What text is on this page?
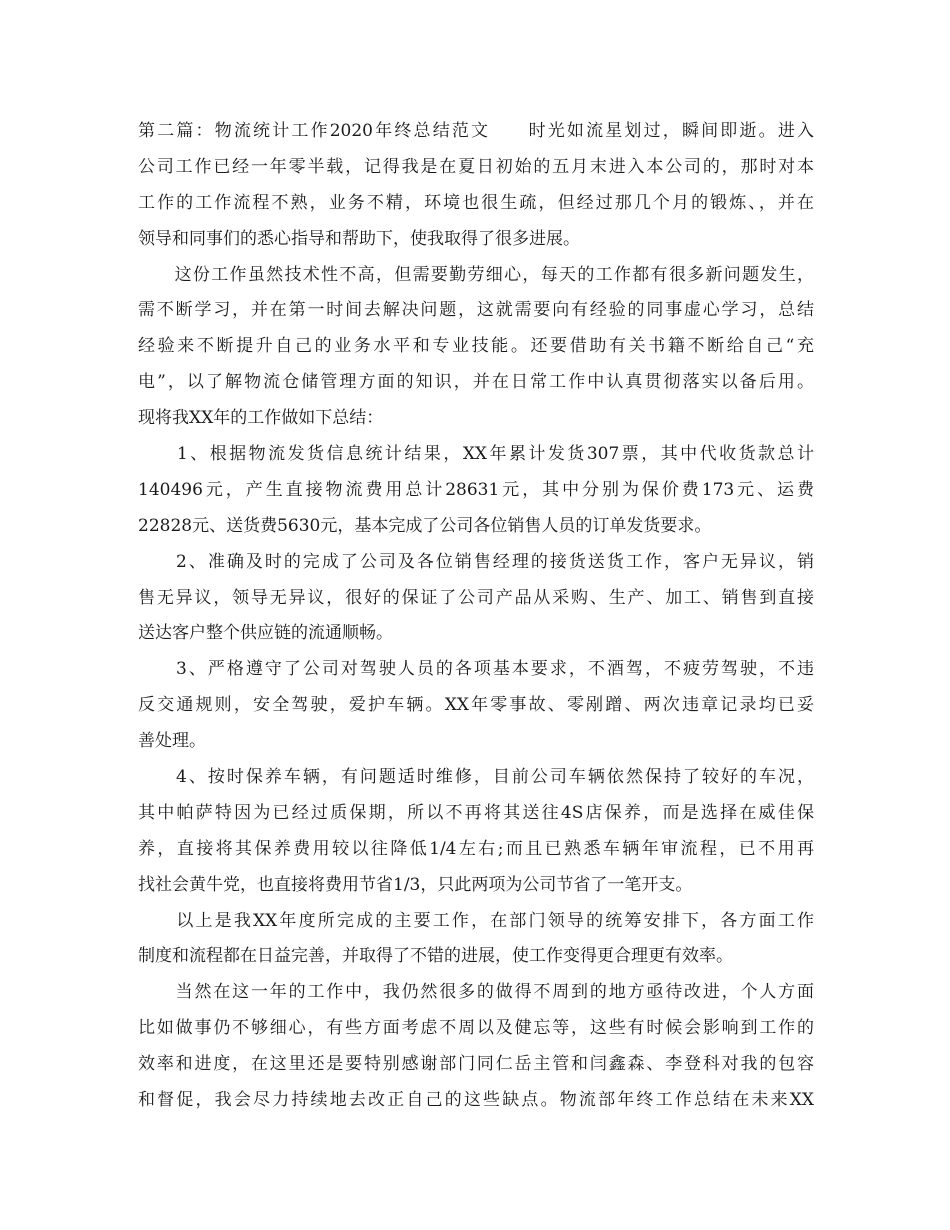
第二篇：物流统计工作2020年终总结范文　　时光如流星划过，瞬间即逝。进入
公司工作已经一年零半载，记得我是在夏日初始的五月末进入本公司的，那时对本
工作的工作流程不熟，业务不精，环境也很生疏，但经过那几个月的锻炼、，并在
领导和同事们的悉心指导和帮助下，使我取得了很多进展。
　　这份工作虽然技术性不高，但需要勤劳细心，每天的工作都有很多新问题发生，
需不断学习，并在第一时间去解决问题，这就需要向有经验的同事虚心学习，总结
经验来不断提升自己的业务水平和专业技能。还要借助有关书籍不断给自己“充
电”，以了解物流仓储管理方面的知识，并在日常工作中认真贯彻落实以备后用。
现将我XX年的工作做如下总结：
　　1、根据物流发货信息统计结果，XX年累计发货307票，其中代收货款总计
140496元，产生直接物流费用总计28631元，其中分别为保价费173元、运费
22828元、送货费5630元，基本完成了公司各位销售人员的订单发货要求。
　　2、准确及时的完成了公司及各位销售经理的接货送货工作，客户无异议，销
售无异议，领导无异议，很好的保证了公司产品从采购、生产、加工、销售到直接
送达客户整个供应链的流通顺畅。
　　3、严格遵守了公司对驾驶人员的各项基本要求，不酒驾，不疲劳驾驶，不违
反交通规则，安全驾驶，爱护车辆。XX年零事故、零剐蹭、两次违章记录均已妥
善处理。
　　4、按时保养车辆，有问题适时维修，目前公司车辆依然保持了较好的车况，
其中帕萨特因为已经过质保期，所以不再将其送往4S店保养，而是选择在威佳保
养，直接将其保养费用较以往降低1/4左右;而且已熟悉车辆年审流程，已不用再
找社会黄牛党，也直接将费用节省1/3，只此两项为公司节省了一笔开支。
　　以上是我XX年度所完成的主要工作，在部门领导的统筹安排下，各方面工作
制度和流程都在日益完善，并取得了不错的进展，使工作变得更合理更有效率。
　　当然在这一年的工作中，我仍然很多的做得不周到的地方亟待改进，个人方面
比如做事仍不够细心，有些方面考虑不周以及健忘等，这些有时候会影响到工作的
效率和进度，在这里还是要特别感谢部门同仁岳主管和闫鑫森、李登科对我的包容
和督促，我会尽力持续地去改正自己的这些缺点。物流部年终工作总结在未来XX
